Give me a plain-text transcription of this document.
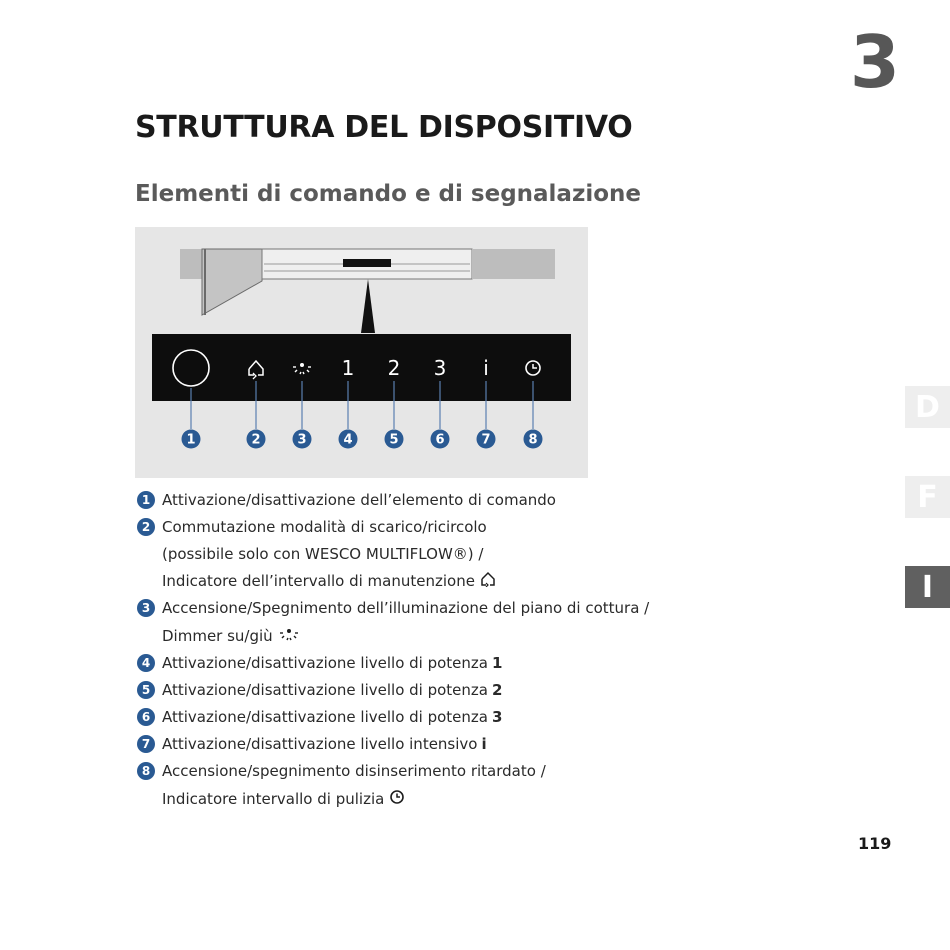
3
STRUTTURA DEL DISPOSITIVO
Elementi di comando e di segnalazione
1 2 3 i
1	2	3	4	5	6	7	8
1 Attivazione/disattivazione dell’elemento di comando
2 Commutazione modalità di scarico/ricircolo
(possibile solo con WESCO MULTIFLOW®) /
Indicatore dell’intervallo di manutenzione
3 Accensione/Spegnimento dell’illuminazione del piano di cottura /
Dimmer su/giù
4 Attivazione/disattivazione livello di potenza 1
5 Attivazione/disattivazione livello di potenza 2
6 Attivazione/disattivazione livello di potenza 3
7 Attivazione/disattivazione livello intensivo i
8 Accensione/spegnimento disinserimento ritardato /
Indicatore intervallo di pulizia
D
F
I
119
